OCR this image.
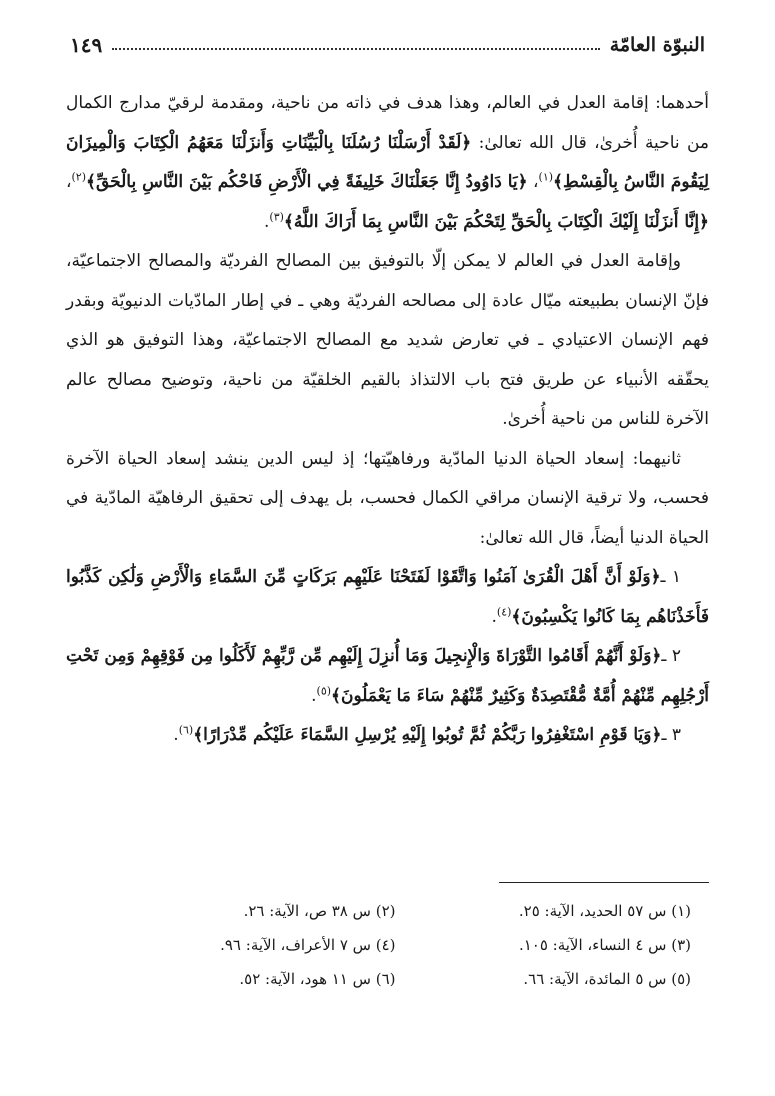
النبوّة العامّة
١٤٩

أحدهما: إقامة العدل في العالم، وهذا هدف في ذاته من ناحية، ومقدمة لرقيّ مدارج الكمال من ناحية أُخرىٰ، قال الله تعالىٰ: ﴿لَقَدْ أَرْسَلْنَا رُسُلَنَا بِالْبَيِّنَاتِ وَأَنزَلْنَا مَعَهُمُ الْكِتَابَ وَالْمِيزَانَ لِيَقُومَ النَّاسُ بِالْقِسْطِ﴾$^{(١)}$، ﴿يَا دَاوُودُ إِنَّا جَعَلْنَاكَ خَلِيفَةً فِي الْأَرْضِ فَاحْكُم بَيْنَ النَّاسِ بِالْحَقِّ﴾$^{(٢)}$، ﴿إِنَّا أَنزَلْنَا إِلَيْكَ الْكِتَابَ بِالْحَقِّ لِتَحْكُمَ بَيْنَ النَّاسِ بِمَا أَرَاكَ اللَّهُ﴾$^{(٣)}$.

وإقامة العدل في العالم لا يمكن إلّا بالتوفيق بين المصالح الفرديّة والمصالح الاجتماعيّة، فإنّ الإنسان بطبيعته ميّال عادة إلى مصالحه الفرديّة وهي ـ في إطار المادّيات الدنيويّة وبقدر فهم الإنسان الاعتيادي ـ في تعارض شديد مع المصالح الاجتماعيّة، وهذا التوفيق هو الذي يحقّقه الأنبياء عن طريق فتح باب الالتذاذ بالقيم الخلقيّة من ناحية، وتوضيح مصالح عالم الآخرة للناس من ناحية أُخرىٰ.

ثانيهما: إسعاد الحياة الدنيا المادّية ورفاهيّتها؛ إذ ليس الدين ينشد إسعاد الحياة الآخرة فحسب، ولا ترقية الإنسان مراقي الكمال فحسب، بل يهدف إلى تحقيق الرفاهيّة المادّية في الحياة الدنيا أيضاً، قال الله تعالىٰ:

١ ـ﴿وَلَوْ أَنَّ أَهْلَ الْقُرَىٰ آمَنُوا وَاتَّقَوْا لَفَتَحْنَا عَلَيْهِم بَرَكَاتٍ مِّنَ السَّمَاءِ وَالْأَرْضِ وَلَٰكِن كَذَّبُوا فَأَخَذْنَاهُم بِمَا كَانُوا يَكْسِبُونَ﴾$^{(٤)}$.

٢ ـ﴿وَلَوْ أَنَّهُمْ أَقَامُوا التَّوْرَاةَ وَالْإِنجِيلَ وَمَا أُنزِلَ إِلَيْهِم مِّن رَّبِّهِمْ لَأَكَلُوا مِن فَوْقِهِمْ وَمِن تَحْتِ أَرْجُلِهِم مِّنْهُمْ أُمَّةٌ مُّقْتَصِدَةٌ وَكَثِيرٌ مِّنْهُمْ سَاءَ مَا يَعْمَلُونَ﴾$^{(٥)}$.

٣ ـ﴿وَيَا قَوْمِ اسْتَغْفِرُوا رَبَّكُمْ ثُمَّ تُوبُوا إِلَيْهِ يُرْسِلِ السَّمَاءَ عَلَيْكُم مِّدْرَارًا﴾$^{(٦)}$.

(١) س ٥٧ الحديد، الآية: ٢٥.
(٢) س ٣٨ ص، الآية: ٢٦.
(٣) س ٤ النساء، الآية: ١٠٥.
(٤) س ٧ الأعراف، الآية: ٩٦.
(٥) س ٥ المائدة، الآية: ٦٦.
(٦) س ١١ هود، الآية: ٥٢.
